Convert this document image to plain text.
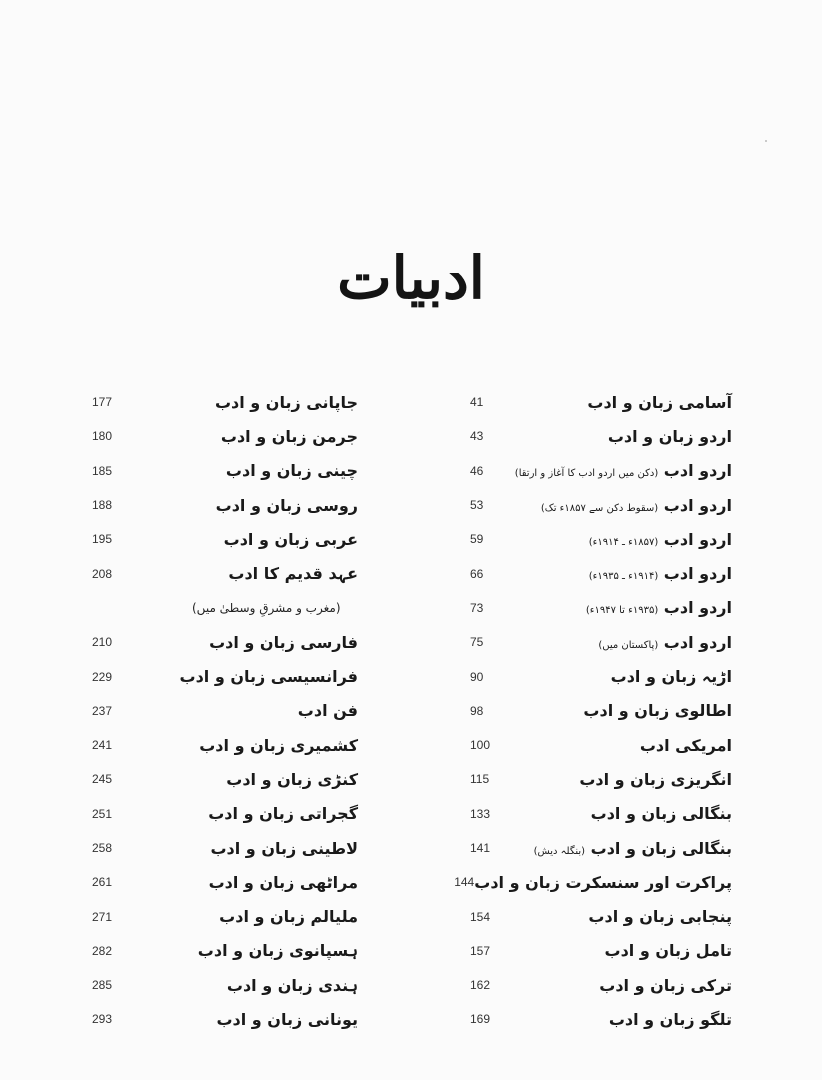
ادبیات
آسامی زبان و ادب
41
اردو زبان و ادب
43
اردو ادب (دکن میں اردو ادب کا آغاز و ارتقا)
46
اردو ادب (سقوط دکن سے ۱۸۵۷ء تک)
53
اردو ادب (۱۸۵۷ء ـ ۱۹۱۴ء)
59
اردو ادب (۱۹۱۴ء ـ ۱۹۳۵ء)
66
اردو ادب (۱۹۳۵ء تا ۱۹۴۷ء)
73
اردو ادب (پاکستان میں)
75
اڑیہ زبان و ادب
90
اطالوی زبان و ادب
98
امریکی ادب
100
انگریزی زبان و ادب
115
بنگالی زبان و ادب
133
بنگالی زبان و ادب (بنگلہ دیش)
141
پراکرت اور سنسکرت زبان و ادب
144
پنجابی زبان و ادب
154
تامل زبان و ادب
157
ترکی زبان و ادب
162
تلگو زبان و ادب
169
جاپانی زبان و ادب
177
جرمن زبان و ادب
180
چینی زبان و ادب
185
روسی زبان و ادب
188
عربی زبان و ادب
195
عہد قدیم کا ادب
208
(مغرب و مشرقِ وسطیٰ میں)
فارسی زبان و ادب
210
فرانسیسی زبان و ادب
229
فن ادب
237
کشمیری زبان و ادب
241
کنڑی زبان و ادب
245
گجراتی زبان و ادب
251
لاطینی زبان و ادب
258
مراٹھی زبان و ادب
261
ملیالم زبان و ادب
271
ہسپانوی زبان و ادب
282
ہندی زبان و ادب
285
یونانی زبان و ادب
293
